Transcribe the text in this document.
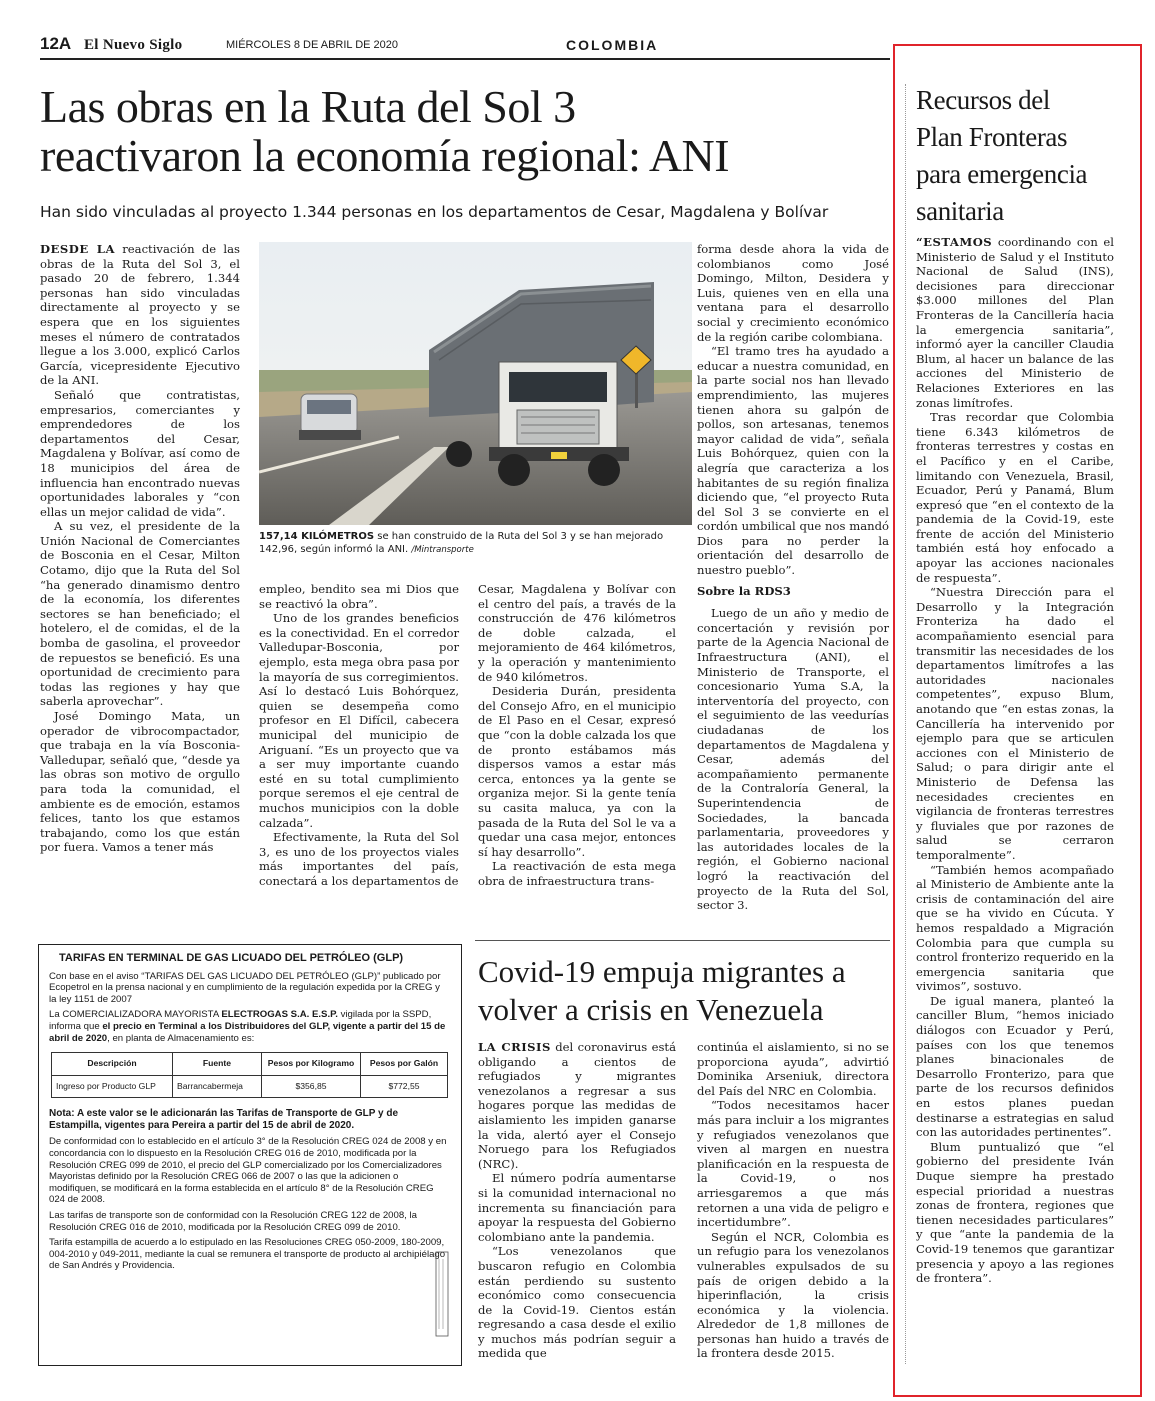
12A El Nuevo Siglo	MIÉRCOLES 8 DE ABRIL DE 2020	COLOMBIA
Las obras en la Ruta del Sol 3
reactivaron la economía regional: ANI
Han sido vinculadas al proyecto 1.344 personas en los departamentos de Cesar, Magdalena y Bolívar

DESDE LA reactivación de las obras de la Ruta del Sol 3, el pasado 20 de febrero, 1.344 personas han sido vinculadas directamente al proyecto y se espera que en los siguientes meses el número de contratados llegue a los 3.000, explicó Carlos García, vicepresidente Ejecutivo de la ANI.

Señaló que contratistas, empresarios, comerciantes y emprendedores de los departamentos del Cesar, Magdalena y Bolívar, así como de 18 municipios del área de influencia han encontrado nuevas oportunidades laborales y “con ellas un mejor calidad de vida”.

A su vez, el presidente de la Unión Nacional de Comerciantes de Bosconia en el Cesar, Milton Cotamo, dijo que la Ruta del Sol “ha generado dinamismo dentro de la economía, los diferentes sectores se han beneficiado; el hotelero, el de comidas, el de la bomba de gasolina, el proveedor de repuestos se benefició. Es una oportunidad de crecimiento para todas las regiones y hay que saberla aprovechar”.

José Domingo Mata, un operador de vibrocompactador, que trabaja en la vía Bosconia-Valledupar, señaló que, “desde ya las obras son motivo de orgullo para toda la comunidad, el ambiente es de emoción, estamos felices, tanto los que estamos trabajando, como los que están por fuera. Vamos a tener más

157,14 KILÓMETROS se han construido de la Ruta del Sol 3 y se han mejorado 142,96, según informó la ANI. /Mintransporte

empleo, bendito sea mi Dios que se reactivó la obra”.

Uno de los grandes beneficios es la conectividad. En el corredor Valledupar-Bosconia, por ejemplo, esta mega obra pasa por la mayoría de sus corregimientos. Así lo destacó Luis Bohórquez, quien se desempeña como profesor en El Difícil, cabecera municipal del municipio de Ariguaní. “Es un proyecto que va a ser muy importante cuando esté en su total cumplimiento porque seremos el eje central de muchos municipios con la doble calzada”.

Efectivamente, la Ruta del Sol 3, es uno de los proyectos viales más importantes del país, conectará a los departamentos de

Cesar, Magdalena y Bolívar con el centro del país, a través de la construcción de 476 kilómetros de doble calzada, el mejoramiento de 464 kilómetros, y la operación y mantenimiento de 940 kilómetros.

Desideria Durán, presidenta del Consejo Afro, en el municipio de El Paso en el Cesar, expresó que “con la doble calzada los que de pronto estábamos más dispersos vamos a estar más cerca, entonces ya la gente se organiza mejor. Si la gente tenía su casita maluca, ya con la pasada de la Ruta del Sol le va a quedar una casa mejor, entonces sí hay desarrollo”.

La reactivación de esta mega obra de infraestructura trans-

forma desde ahora la vida de colombianos como José Domingo, Milton, Desidera y Luis, quienes ven en ella una ventana para el desarrollo social y crecimiento económico de la región caribe colombiana.

“El tramo tres ha ayudado a educar a nuestra comunidad, en la parte social nos han llevado emprendimiento, las mujeres tienen ahora su galpón de pollos, son artesanas, tenemos mayor calidad de vida”, señala Luis Bohórquez, quien con la alegría que caracteriza a los habitantes de su región finaliza diciendo que, “el proyecto Ruta del Sol 3 se convierte en el cordón umbilical que nos mandó Dios para no perder la orientación del desarrollo de nuestro pueblo”.

Sobre la RDS3

Luego de un año y medio de concertación y revisión por parte de la Agencia Nacional de Infraestructura (ANI), el Ministerio de Transporte, el concesionario Yuma S.A, la interventoría del proyecto, con el seguimiento de las veedurías ciudadanas de los departamentos de Magdalena y Cesar, además del acompañamiento permanente de la Contraloría General, la Superintendencia de Sociedades, la bancada parlamentaria, proveedores y las autoridades locales de la región, el Gobierno nacional logró la reactivación del proyecto de la Ruta del Sol, sector 3.

TARIFAS EN TERMINAL DE GAS LICUADO DEL PETRÓLEO (GLP)

Con base en el aviso “TARIFAS DEL GAS LICUADO DEL PETRÓLEO (GLP)” publicado por Ecopetrol en la prensa nacional y en cumplimiento de la regulación expedida por la CREG y la ley 1151 de 2007

La COMERCIALIZADORA MAYORISTA ELECTROGAS S.A. E.S.P. vigilada por la SSPD, informa que el precio en Terminal a los Distribuidores del GLP, vigente a partir del 15 de abril de 2020, en planta de Almacenamiento es:

Descripción	Fuente	Pesos por Kilogramo	Pesos por Galón
Ingreso por Producto GLP	Barrancabermeja	$356,85	$772,55

Nota: A este valor se le adicionarán las Tarifas de Transporte de GLP y de Estampilla, vigentes para Pereira a partir del 15 de abril de 2020.

De conformidad con lo establecido en el artículo 3° de la Resolución CREG 024 de 2008 y en concordancia con lo dispuesto en la Resolución CREG 016 de 2010, modificada por la Resolución CREG 099 de 2010, el precio del GLP comercializado por los Comercializadores Mayoristas definido por la Resolución CREG 066 de 2007 o las que la adicionen o modifiquen, se modificará en la forma establecida en el artículo 8° de la Resolución CREG 024 de 2008.

Las tarifas de transporte son de conformidad con la Resolución CREG 122 de 2008, la Resolución CREG 016 de 2010, modificada por la Resolución CREG 099 de 2010.

Tarifa estampilla de acuerdo a lo estipulado en las Resoluciones CREG 050-2009, 180-2009, 004-2010 y 049-2011, mediante la cual se remunera el transporte de producto al archipiélago de San Andrés y Providencia.

Covid-19 empuja migrantes a volver a crisis en Venezuela

LA CRISIS del coronavirus está obligando a cientos de refugiados y migrantes venezolanos a regresar a sus hogares porque las medidas de aislamiento les impiden ganarse la vida, alertó ayer el Consejo Noruego para los Refugiados (NRC).

El número podría aumentarse si la comunidad internacional no incrementa su financiación para apoyar la respuesta del Gobierno colombiano ante la pandemia.

“Los venezolanos que buscaron refugio en Colombia están perdiendo su sustento económico como consecuencia de la Covid-19. Cientos están regresando a casa desde el exilio y muchos más podrían seguir a medida que

continúa el aislamiento, si no se proporciona ayuda”, advirtió Dominika Arseniuk, directora del País del NRC en Colombia.

“Todos necesitamos hacer más para incluir a los migrantes y refugiados venezolanos que viven al margen en nuestra planificación en la respuesta de la Covid-19, o nos arriesgaremos a que más retornen a una vida de peligro e incertidumbre”.

Según el NCR, Colombia es un refugio para los venezolanos vulnerables expulsados de su país de origen debido a la hiperinflación, la crisis económica y la violencia. Alrededor de 1,8 millones de personas han huido a través de la frontera desde 2015.

Recursos del
Plan Fronteras
para emergencia
sanitaria

“ESTAMOS coordinando con el Ministerio de Salud y el Instituto Nacional de Salud (INS), decisiones para direccionar $3.000 millones del Plan Fronteras de la Cancillería hacia la emergencia sanitaria”, informó ayer la canciller Claudia Blum, al hacer un balance de las acciones del Ministerio de Relaciones Exteriores en las zonas limítrofes.

Tras recordar que Colombia tiene 6.343 kilómetros de fronteras terrestres y costas en el Pacífico y en el Caribe, limitando con Venezuela, Brasil, Ecuador, Perú y Panamá, Blum expresó que “en el contexto de la pandemia de la Covid-19, este frente de acción del Ministerio también está hoy enfocado a apoyar las acciones nacionales de respuesta”.

“Nuestra Dirección para el Desarrollo y la Integración Fronteriza ha dado el acompañamiento esencial para transmitir las necesidades de los departamentos limítrofes a las autoridades nacionales competentes”, expuso Blum, anotando que “en estas zonas, la Cancillería ha intervenido por ejemplo para que se articulen acciones con el Ministerio de Salud; o para dirigir ante el Ministerio de Defensa las necesidades crecientes en vigilancia de fronteras terrestres y fluviales que por razones de salud se cerraron temporalmente”.

“También hemos acompañado al Ministerio de Ambiente ante la crisis de contaminación del aire que se ha vivido en Cúcuta. Y hemos respaldado a Migración Colombia para que cumpla su control fronterizo requerido en la emergencia sanitaria que vivimos”, sostuvo.

De igual manera, planteó la canciller Blum, “hemos iniciado diálogos con Ecuador y Perú, países con los que tenemos planes binacionales de Desarrollo Fronterizo, para que parte de los recursos definidos en estos planes puedan destinarse a estrategias en salud con las autoridades pertinentes”.

Blum puntualizó que “el gobierno del presidente Iván Duque siempre ha prestado especial prioridad a nuestras zonas de frontera, regiones que tienen necesidades particulares” y que “ante la pandemia de la Covid-19 tenemos que garantizar presencia y apoyo a las regiones de frontera”.
